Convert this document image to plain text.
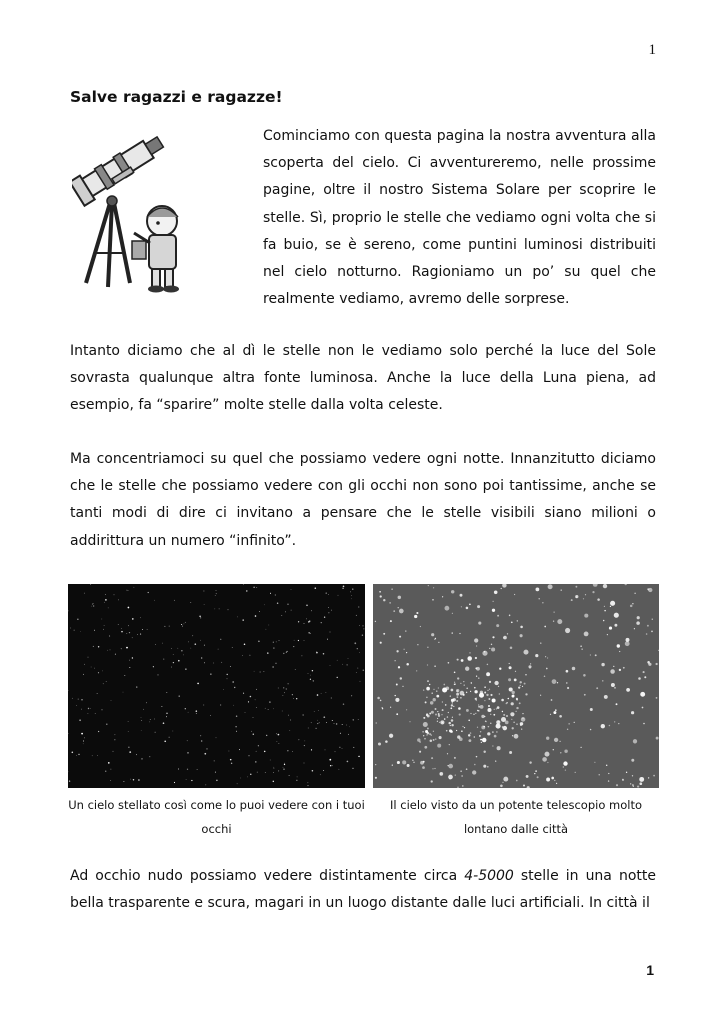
1
Salve ragazzi e ragazze!

Cominciamo con questa pagina la nostra avventura alla scoperta del cielo. Ci avventureremo, nelle prossime pagine, oltre il nostro Sistema Solare per scoprire le stelle. Sì, proprio le stelle che vediamo ogni volta che si fa buio, se è sereno, come puntini luminosi distribuiti nel cielo notturno. Ragioniamo un po’ su quel che realmente vediamo, avremo delle sorprese.

Intanto diciamo che al dì le stelle non le vediamo solo perché la luce del Sole sovrasta qualunque altra fonte luminosa. Anche la luce della Luna piena, ad esempio, fa “sparire” molte stelle dalla volta celeste.

Ma concentriamoci su quel che possiamo vedere ogni notte. Innanzitutto diciamo che le stelle che possiamo vedere con gli occhi non sono poi tantissime, anche se tanti modi di dire ci invitano a pensare che le stelle visibili siano milioni o addirittura un numero “infinito”.

Un cielo stellato così come lo puoi vedere con i tuoi occhi

Il cielo visto da un potente telescopio molto lontano dalle città

Ad occhio nudo possiamo vedere distintamente circa 4-5000 stelle in una notte bella trasparente e scura, magari in un luogo distante dalle luci artificiali. In città il

1
